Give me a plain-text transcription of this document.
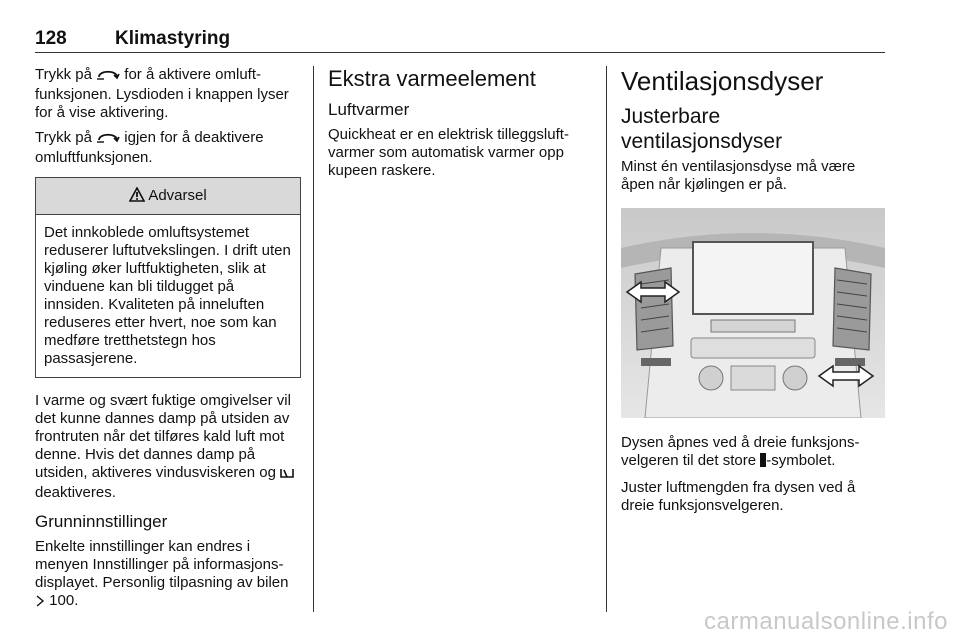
128	Klimastyring

Trykk på for å aktivere omluft-funksjonen. Lysdioden i knappen lyser for å vise aktivering.

Trykk på igjen for å deaktivere omluftfunksjonen.

Advarsel
Det innkoblede omluftsystemet reduserer luftutvekslingen. I drift uten kjøling øker luftfuktigheten, slik at vinduene kan bli tildugget på innsiden. Kvaliteten på inneluften reduseres etter hvert, noe som kan medføre tretthetstegn hos passasjerene.

I varme og svært fuktige omgivelser vil det kunne dannes damp på utsiden av frontruten når det tilføres kald luft mot denne. Hvis det dannes damp på utsiden, aktiveres vindusviskeren og  deaktiveres.

Grunninnstillinger

Enkelte innstillinger kan endres i menyen Innstillinger på informasjons-displayet. Personlig tilpasning av bilen  100.

Ekstra varmeelement
Luftvarmer

Quickheat er en elektrisk tilleggsluft-varmer som automatisk varmer opp kupeen raskere.

Ventilasjonsdyser
Justerbare ventilasjonsdyser

Minst én ventilasjonsdyse må være åpen når kjølingen er på.

Dysen åpnes ved å dreie funksjons-velgeren til det store -symbolet.

Juster luftmengden fra dysen ved å dreie funksjonsvelgeren.

carmanualsonline.info
